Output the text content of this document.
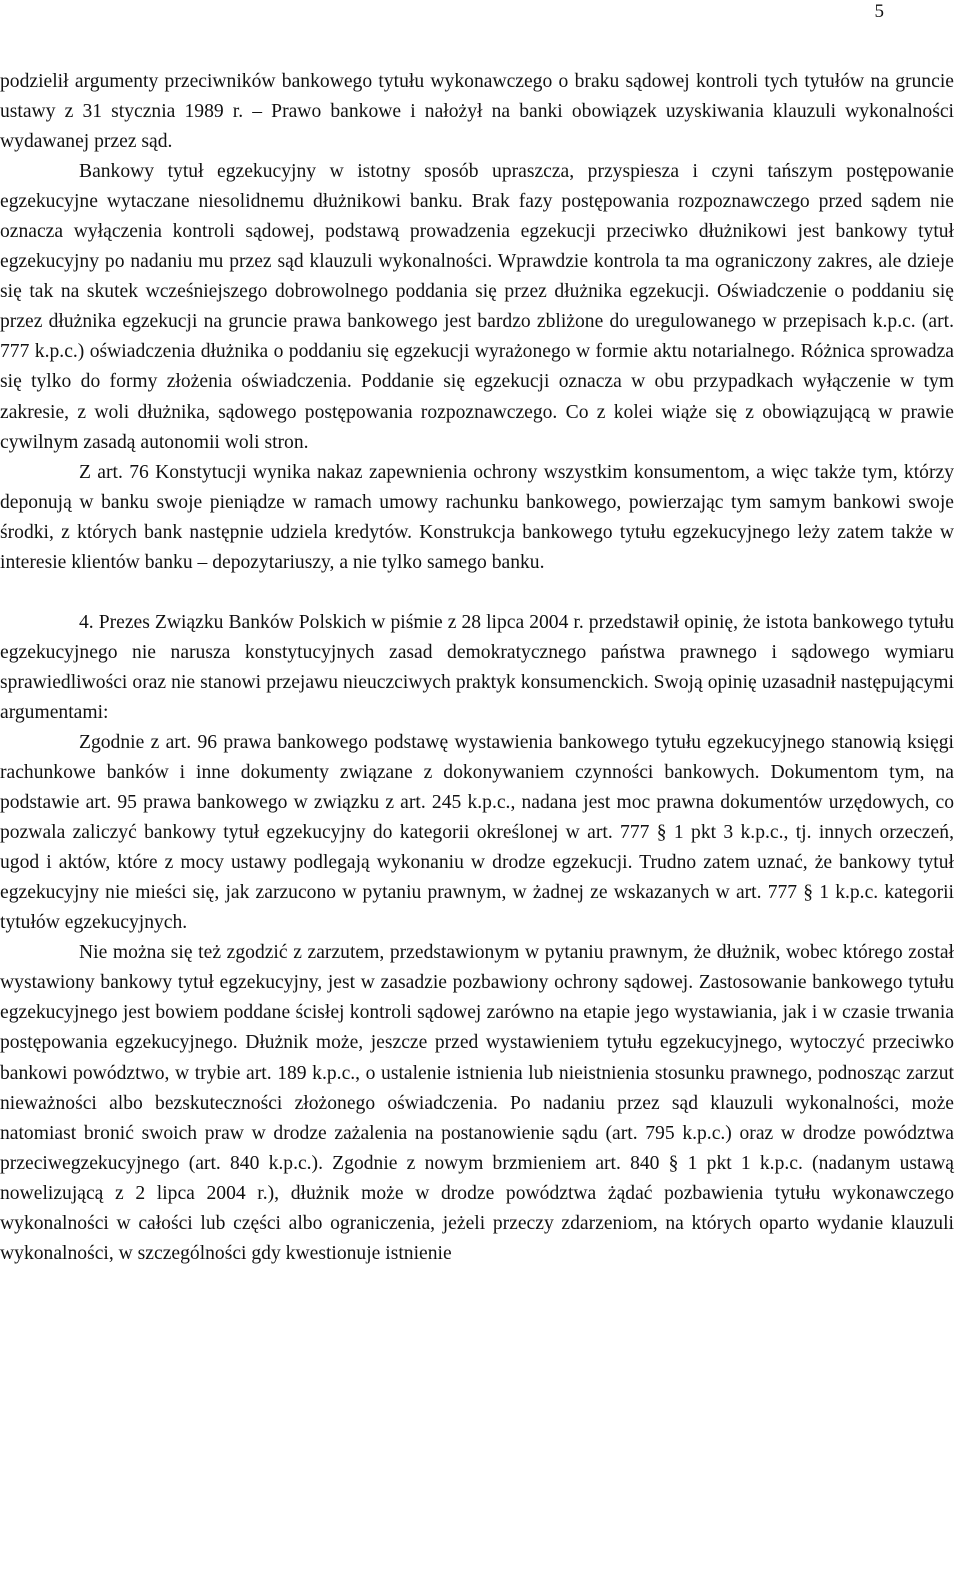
5

podzielił argumenty przeciwników bankowego tytułu wykonawczego o braku sądowej kontroli tych tytułów na gruncie ustawy z 31 stycznia 1989 r. – Prawo bankowe i nałożył na banki obowiązek uzyskiwania klauzuli wykonalności wydawanej przez sąd.

Bankowy tytuł egzekucyjny w istotny sposób upraszcza, przyspiesza i czyni tańszym postępowanie egzekucyjne wytaczane niesolidnemu dłużnikowi banku. Brak fazy postępowania rozpoznawczego przed sądem nie oznacza wyłączenia kontroli sądowej, podstawą prowadzenia egzekucji przeciwko dłużnikowi jest bankowy tytuł egzekucyjny po nadaniu mu przez sąd klauzuli wykonalności. Wprawdzie kontrola ta ma ograniczony zakres, ale dzieje się tak na skutek wcześniejszego dobrowolnego poddania się przez dłużnika egzekucji. Oświadczenie o poddaniu się przez dłużnika egzekucji na gruncie prawa bankowego jest bardzo zbliżone do uregulowanego w przepisach k.p.c. (art. 777 k.p.c.) oświadczenia dłużnika o poddaniu się egzekucji wyrażonego w formie aktu notarialnego. Różnica sprowadza się tylko do formy złożenia oświadczenia. Poddanie się egzekucji oznacza w obu przypadkach wyłączenie w tym zakresie, z woli dłużnika, sądowego postępowania rozpoznawczego. Co z kolei wiąże się z obowiązującą w prawie cywilnym zasadą autonomii woli stron.

Z art. 76 Konstytucji wynika nakaz zapewnienia ochrony wszystkim konsumentom, a więc także tym, którzy deponują w banku swoje pieniądze w ramach umowy rachunku bankowego, powierzając tym samym bankowi swoje środki, z których bank następnie udziela kredytów. Konstrukcja bankowego tytułu egzekucyjnego leży zatem także w interesie klientów banku – depozytariuszy, a nie tylko samego banku.

4. Prezes Związku Banków Polskich w piśmie z 28 lipca 2004 r. przedstawił opinię, że istota bankowego tytułu egzekucyjnego nie narusza konstytucyjnych zasad demokratycznego państwa prawnego i sądowego wymiaru sprawiedliwości oraz nie stanowi przejawu nieuczciwych praktyk konsumenckich. Swoją opinię uzasadnił następującymi argumentami:

Zgodnie z art. 96 prawa bankowego podstawę wystawienia bankowego tytułu egzekucyjnego stanowią księgi rachunkowe banków i inne dokumenty związane z dokonywaniem czynności bankowych. Dokumentom tym, na podstawie art. 95 prawa bankowego w związku z art. 245 k.p.c., nadana jest moc prawna dokumentów urzędowych, co pozwala zaliczyć bankowy tytuł egzekucyjny do kategorii określonej w art. 777 § 1 pkt 3 k.p.c., tj. innych orzeczeń, ugod i aktów, które z mocy ustawy podlegają wykonaniu w drodze egzekucji. Trudno zatem uznać, że bankowy tytuł egzekucyjny nie mieści się, jak zarzucono w pytaniu prawnym, w żadnej ze wskazanych w art. 777 § 1 k.p.c. kategorii tytułów egzekucyjnych.

Nie można się też zgodzić z zarzutem, przedstawionym w pytaniu prawnym, że dłużnik, wobec którego został wystawiony bankowy tytuł egzekucyjny, jest w zasadzie pozbawiony ochrony sądowej. Zastosowanie bankowego tytułu egzekucyjnego jest bowiem poddane ścisłej kontroli sądowej zarówno na etapie jego wystawiania, jak i w czasie trwania postępowania egzekucyjnego. Dłużnik może, jeszcze przed wystawieniem tytułu egzekucyjnego, wytoczyć przeciwko bankowi powództwo, w trybie art. 189 k.p.c., o ustalenie istnienia lub nieistnienia stosunku prawnego, podnosząc zarzut nieważności albo bezskuteczności złożonego oświadczenia. Po nadaniu przez sąd klauzuli wykonalności, może natomiast bronić swoich praw w drodze zażalenia na postanowienie sądu (art. 795 k.p.c.) oraz w drodze powództwa przeciwegzekucyjnego (art. 840 k.p.c.). Zgodnie z nowym brzmieniem art. 840 § 1 pkt 1 k.p.c. (nadanym ustawą nowelizującą z 2 lipca 2004 r.), dłużnik może w drodze powództwa żądać pozbawienia tytułu wykonawczego wykonalności w całości lub części albo ograniczenia, jeżeli przeczy zdarzeniom, na których oparto wydanie klauzuli wykonalności, w szczególności gdy kwestionuje istnienie
